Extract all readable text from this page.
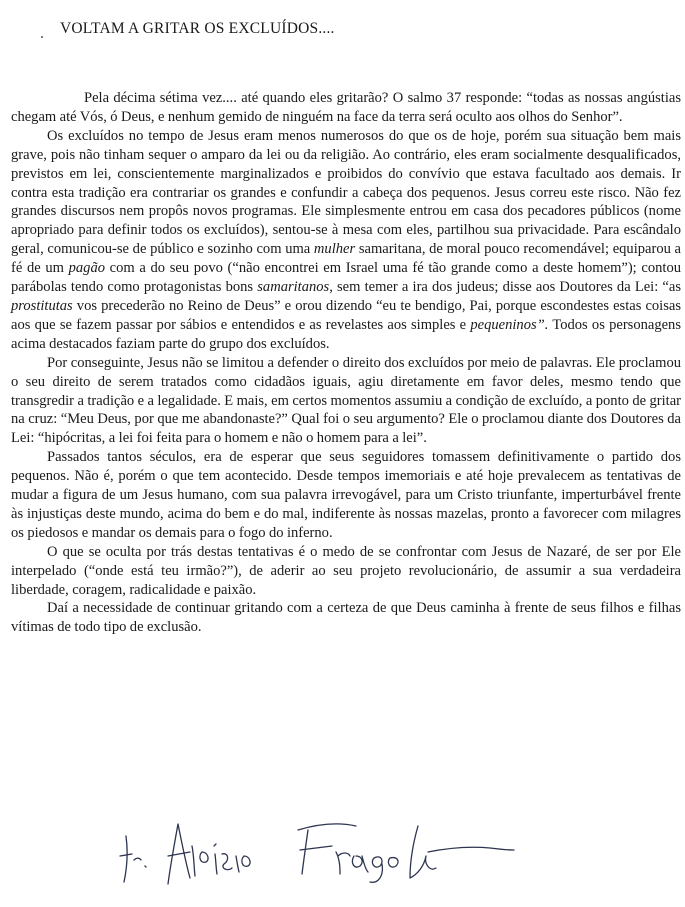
VOLTAM A GRITAR OS EXCLUÍDOS....

Pela décima sétima vez.... até quando eles gritarão? O salmo 37 responde: “todas as nossas angústias chegam até Vós, ó Deus, e nenhum gemido de ninguém na face da terra será oculto aos olhos do Senhor”.

Os excluídos no tempo de Jesus eram menos numerosos do que os de hoje, porém sua situação bem mais grave, pois não tinham sequer o amparo da lei ou da religião. Ao contrário, eles eram socialmente desqualificados, previstos em lei, conscientemente marginalizados e proibidos do convívio que estava facultado aos demais. Ir contra esta tradição era contrariar os grandes e confundir a cabeça dos pequenos. Jesus correu este risco. Não fez grandes discursos nem propôs novos programas. Ele simplesmente entrou em casa dos pecadores públicos (nome apropriado para definir todos os excluídos), sentou-se à mesa com eles, partilhou sua privacidade. Para escândalo geral, comunicou-se de público e sozinho com uma mulher samaritana, de moral pouco recomendável; equiparou a fé de um pagão com a do seu povo (“não encontrei em Israel uma fé tão grande como a deste homem”); contou parábolas tendo como protagonistas bons samaritanos, sem temer a ira dos judeus; disse aos Doutores da Lei: “as prostitutas vos precederão no Reino de Deus” e orou dizendo “eu te bendigo, Pai, porque escondestes estas coisas aos que se fazem passar por sábios e entendidos e as revelastes aos simples e pequeninos”. Todos os personagens acima destacados faziam parte do grupo dos excluídos.

Por conseguinte, Jesus não se limitou a defender o direito dos excluídos por meio de palavras. Ele proclamou o seu direito de serem tratados como cidadãos iguais, agiu diretamente em favor deles, mesmo tendo que transgredir a tradição e a legalidade. E mais, em certos momentos assumiu a condição de excluído, a ponto de gritar na cruz: “Meu Deus, por que me abandonaste?” Qual foi o seu argumento? Ele o proclamou diante dos Doutores da Lei: “hipócritas, a lei foi feita para o homem e não o homem para a lei”.

Passados tantos séculos, era de esperar que seus seguidores tomassem definitivamente o partido dos pequenos. Não é, porém o que tem acontecido. Desde tempos imemoriais e até hoje prevalecem as tentativas de mudar a figura de um Jesus humano, com sua palavra irrevogável, para um Cristo triunfante, imperturbável frente às injustiças deste mundo, acima do bem e do mal, indiferente às nossas mazelas, pronto a favorecer com milagres os piedosos e mandar os demais para o fogo do inferno.

O que se oculta por trás destas tentativas é o medo de se confrontar com Jesus de Nazaré, de ser por Ele interpelado (“onde está teu irmão?”), de aderir ao seu projeto revolucionário, de assumir a sua verdadeira liberdade, coragem, radicalidade e paixão.

Daí a necessidade de continuar gritando com a certeza de que Deus caminha à frente de seus filhos e filhas vítimas de todo tipo de exclusão.
